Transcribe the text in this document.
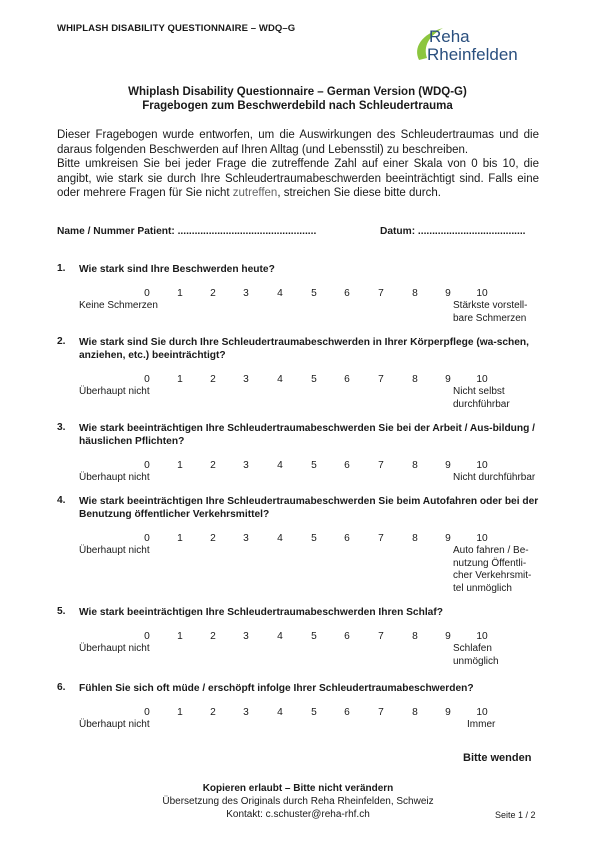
WHIPLASH DISABILITY QUESTIONNAIRE – WDQ–G	Reha
Rheinfelden
Whiplash Disability Questionnaire – German Version (WDQ-G)
Fragebogen zum Beschwerdebild nach Schleudertrauma

Dieser Fragebogen wurde entworfen, um die Auswirkungen des Schleudertraumas und die daraus folgenden Beschwerden auf Ihren Alltag (und Lebensstil) zu beschreiben.

Bitte umkreisen Sie bei jeder Frage die zutreffende Zahl auf einer Skala von 0 bis 10, die angibt, wie stark sie durch Ihre Schleudertraumabeschwerden beeinträchtigt sind. Falls eine oder mehrere Fragen für Sie nicht zutreffen, streichen Sie diese bitte durch.

Name / Nummer Patient: .................................................	Datum: ......................................
1. Wie stark sind Ihre Beschwerden heute?
0	1	2	3	4	5	6	7	8	9	10
Keine Schmerzen	Stärkste vorstell-
bare Schmerzen
2. Wie stark sind Sie durch Ihre Schleudertraumabeschwerden in Ihrer Körperpflege (wa-schen, anziehen, etc.) beeinträchtigt?
0	1	2	3	4	5	6	7	8	9	10
Überhaupt nicht	Nicht selbst
durchführbar
3. Wie stark beeinträchtigen Ihre Schleudertraumabeschwerden Sie bei der Arbeit / Aus-bildung / häuslichen Pflichten?
0	1	2	3	4	5	6	7	8	9	10
Überhaupt nicht	Nicht durchführbar
4. Wie stark beeinträchtigen Ihre Schleudertraumabeschwerden Sie beim Autofahren oder bei der Benutzung öffentlicher Verkehrsmittel?
0	1	2	3	4	5	6	7	8	9	10
Überhaupt nicht	Auto fahren / Be-
nutzung Öffentli-
cher Verkehrsmit-
tel unmöglich
5. Wie stark beeinträchtigen Ihre Schleudertraumabeschwerden Ihren Schlaf?
0	1	2	3	4	5	6	7	8	9	10
Überhaupt nicht	Schlafen
unmöglich
6. Fühlen Sie sich oft müde / erschöpft infolge Ihrer Schleudertraumabeschwerden?
0	1	2	3	4	5	6	7	8	9	10
Überhaupt nicht	Immer
Bitte wenden
Kopieren erlaubt – Bitte nicht verändern
Übersetzung des Originals durch Reha Rheinfelden, Schweiz
Kontakt: c.schuster@reha-rhf.ch	Seite 1 / 2
